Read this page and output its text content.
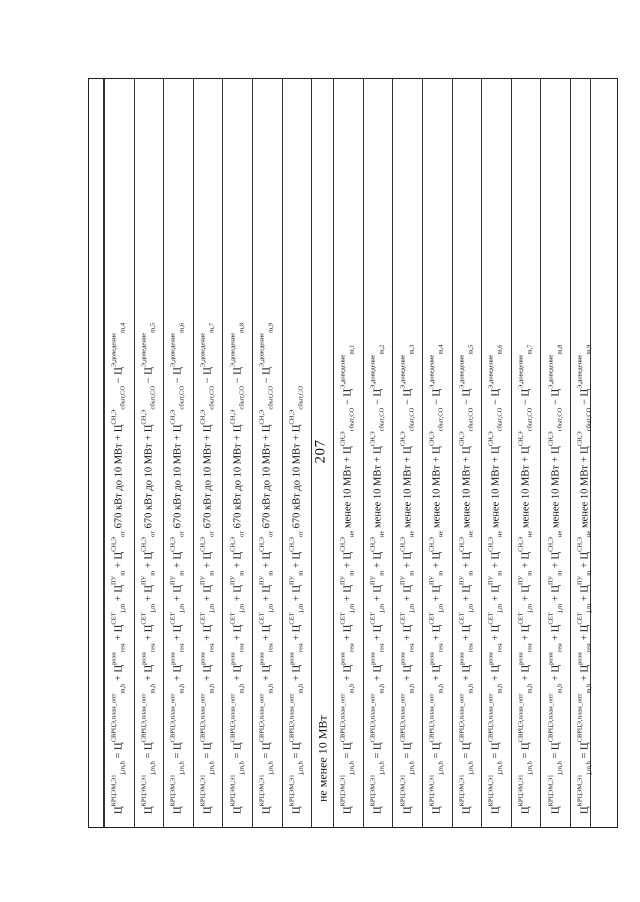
207
$Ц^{КРЦЭМ,Э1}_{j,m,h} = Ц^{СВРЦЭ,план\_опт}_{m,h} + Ц^{розн}_{ген} + Ц^{СЕТ}_{j,m} + Ц^{ПУ}_m + Ц^{СН,Э}_{от}$ 670 кВт до 10 МВт + $Ц^{СН,Э}_{сбыт,СО} - Ц^{Э,доведение}_{m,4}$
$Ц^{КРЦЭМ,Э1}_{j,m,h} = Ц^{СВРЦЭ,план\_опт}_{m,h} + Ц^{розн}_{ген} + Ц^{СЕТ}_{j,m} + Ц^{ПУ}_m + Ц^{СН,Э}_{от}$ 670 кВт до 10 МВт + $Ц^{СН,Э}_{сбыт,СО} - Ц^{Э,доведение}_{m,5}$
$Ц^{КРЦЭМ,Э1}_{j,m,h} = Ц^{СВРЦЭ,план\_опт}_{m,h} + Ц^{розн}_{ген} + Ц^{СЕТ}_{j,m} + Ц^{ПУ}_m + Ц^{СН,Э}_{от}$ 670 кВт до 10 МВт + $Ц^{СН,Э}_{сбыт,СО} - Ц^{Э,доведение}_{m,6}$
$Ц^{КРЦЭМ,Э1}_{j,m,h} = Ц^{СВРЦЭ,план\_опт}_{m,h} + Ц^{розн}_{ген} + Ц^{СЕТ}_{j,m} + Ц^{ПУ}_m + Ц^{СН,Э}_{от}$ 670 кВт до 10 МВт + $Ц^{СН,Э}_{сбыт,СО} - Ц^{Э,доведение}_{m,7}$
$Ц^{КРЦЭМ,Э1}_{j,m,h} = Ц^{СВРЦЭ,план\_опт}_{m,h} + Ц^{розн}_{ген} + Ц^{СЕТ}_{j,m} + Ц^{ПУ}_m + Ц^{СН,Э}_{от}$ 670 кВт до 10 МВт + $Ц^{СН,Э}_{сбыт,СО} - Ц^{Э,доведение}_{m,8}$
$Ц^{КРЦЭМ,Э1}_{j,m,h} = Ц^{СВРЦЭ,план\_опт}_{m,h} + Ц^{розн}_{ген} + Ц^{СЕТ}_{j,m} + Ц^{ПУ}_m + Ц^{СН,Э}_{от}$ 670 кВт до 10 МВт + $Ц^{СН,Э}_{сбыт,СО} - Ц^{Э,доведение}_{m,9}$
$Ц^{КРЦЭМ,Э1}_{j,m,h} = Ц^{СВРЦЭ,план\_опт}_{m,h} + Ц^{розн}_{ген} + Ц^{СЕТ}_{j,m} + Ц^{ПУ}_m + Ц^{СН,Э}_{от}$ 670 кВт до 10 МВт + $Ц^{СН,Э}_{сбыт,СО}$
не менее 10 МВт
$Ц^{КРЦЭМ,Э1}_{j,m,h} = Ц^{СВРЦЭ,план\_опт}_{m,h} + Ц^{розн}_{ген} + Ц^{СЕТ}_{j,m} + Ц^{ПУ}_m + Ц^{СН,Э}_{не}$ менее 10 МВт + $Ц^{СН,Э}_{сбыт,СО} - Ц^{Э,доведение}_{m,1}$
$Ц^{КРЦЭМ,Э1}_{j,m,h} = Ц^{СВРЦЭ,план\_опт}_{m,h} + Ц^{розн}_{ген} + Ц^{СЕТ}_{j,m} + Ц^{ПУ}_m + Ц^{СН,Э}_{не}$ менее 10 МВт + $Ц^{СН,Э}_{сбыт,СО} - Ц^{Э,доведение}_{m,2}$
$Ц^{КРЦЭМ,Э1}_{j,m,h} = Ц^{СВРЦЭ,план\_опт}_{m,h} + Ц^{розн}_{ген} + Ц^{СЕТ}_{j,m} + Ц^{ПУ}_m + Ц^{СН,Э}_{не}$ менее 10 МВт + $Ц^{СН,Э}_{сбыт,СО} - Ц^{Э,доведение}_{m,3}$
$Ц^{КРЦЭМ,Э1}_{j,m,h} = Ц^{СВРЦЭ,план\_опт}_{m,h} + Ц^{розн}_{ген} + Ц^{СЕТ}_{j,m} + Ц^{ПУ}_m + Ц^{СН,Э}_{не}$ менее 10 МВт + $Ц^{СН,Э}_{сбыт,СО} - Ц^{Э,доведение}_{m,4}$
$Ц^{КРЦЭМ,Э1}_{j,m,h} = Ц^{СВРЦЭ,план\_опт}_{m,h} + Ц^{розн}_{ген} + Ц^{СЕТ}_{j,m} + Ц^{ПУ}_m + Ц^{СН,Э}_{не}$ менее 10 МВт + $Ц^{СН,Э}_{сбыт,СО} - Ц^{Э,доведение}_{m,5}$
$Ц^{КРЦЭМ,Э1}_{j,m,h} = Ц^{СВРЦЭ,план\_опт}_{m,h} + Ц^{розн}_{ген} + Ц^{СЕТ}_{j,m} + Ц^{ПУ}_m + Ц^{СН,Э}_{не}$ менее 10 МВт + $Ц^{СН,Э}_{сбыт,СО} - Ц^{Э,доведение}_{m,6}$
$Ц^{КРЦЭМ,Э1}_{j,m,h} = Ц^{СВРЦЭ,план\_опт}_{m,h} + Ц^{розн}_{ген} + Ц^{СЕТ}_{j,m} + Ц^{ПУ}_m + Ц^{СН,Э}_{не}$ менее 10 МВт + $Ц^{СН,Э}_{сбыт,СО} - Ц^{Э,доведение}_{m,7}$
$Ц^{КРЦЭМ,Э1}_{j,m,h} = Ц^{СВРЦЭ,план\_опт}_{m,h} + Ц^{розн}_{ген} + Ц^{СЕТ}_{j,m} + Ц^{ПУ}_m + Ц^{СН,Э}_{не}$ менее 10 МВт + $Ц^{СН,Э}_{сбыт,СО} - Ц^{Э,доведение}_{m,8}$
$Ц^{КРЦЭМ,Э1}_{j,m,h} = Ц^{СВРЦЭ,план\_опт}_{m,h} + Ц^{розн}_{ген} + Ц^{СЕТ}_{j,m} + Ц^{ПУ}_m + Ц^{СН,Э}_{не}$ менее 10 МВт + $Ц^{СН,Э}_{сбыт,СО} - Ц^{Э,доведение}_{m,9}$
